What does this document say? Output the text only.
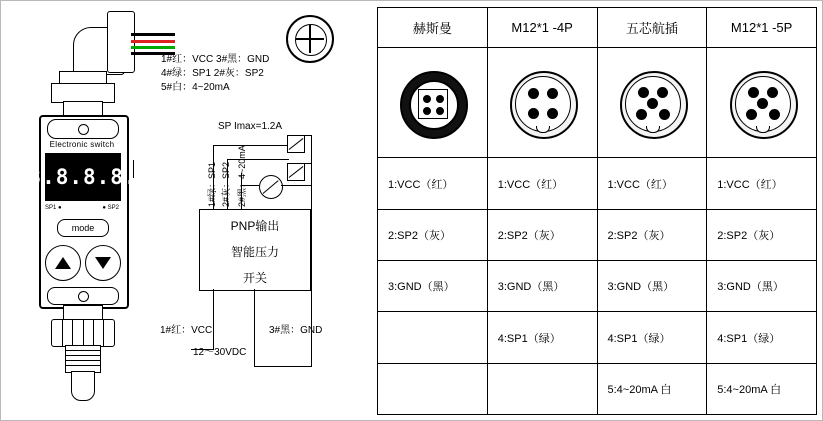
Electronic switch
8.8.8.8.
SP1 ●	● SP2
mode
1#红：VCC 3#黑：GND
4#绿：SP1 2#灰：SP2
5#白：4~20mA
SP Imax=1.2A
PNP输出
智能压力
开关
1#绿：SP1 2#灰：SP2 2#黑：4~20mA
1#红：VCC	3#黑：GND
12～30VDC
赫斯曼	M12*1 -4P	五芯航插	M12*1 -5P

1:VCC（红）	1:VCC（红）	1:VCC（红）	1:VCC（红）
2:SP2（灰）	2:SP2（灰）	2:SP2（灰）	2:SP2（灰）
3:GND（黑）	3:GND（黑）	3:GND（黑）	3:GND（黑）
	4:SP1（绿）	4:SP1（绿）	4:SP1（绿）
		5:4~20mA 白	5:4~20mA 白
